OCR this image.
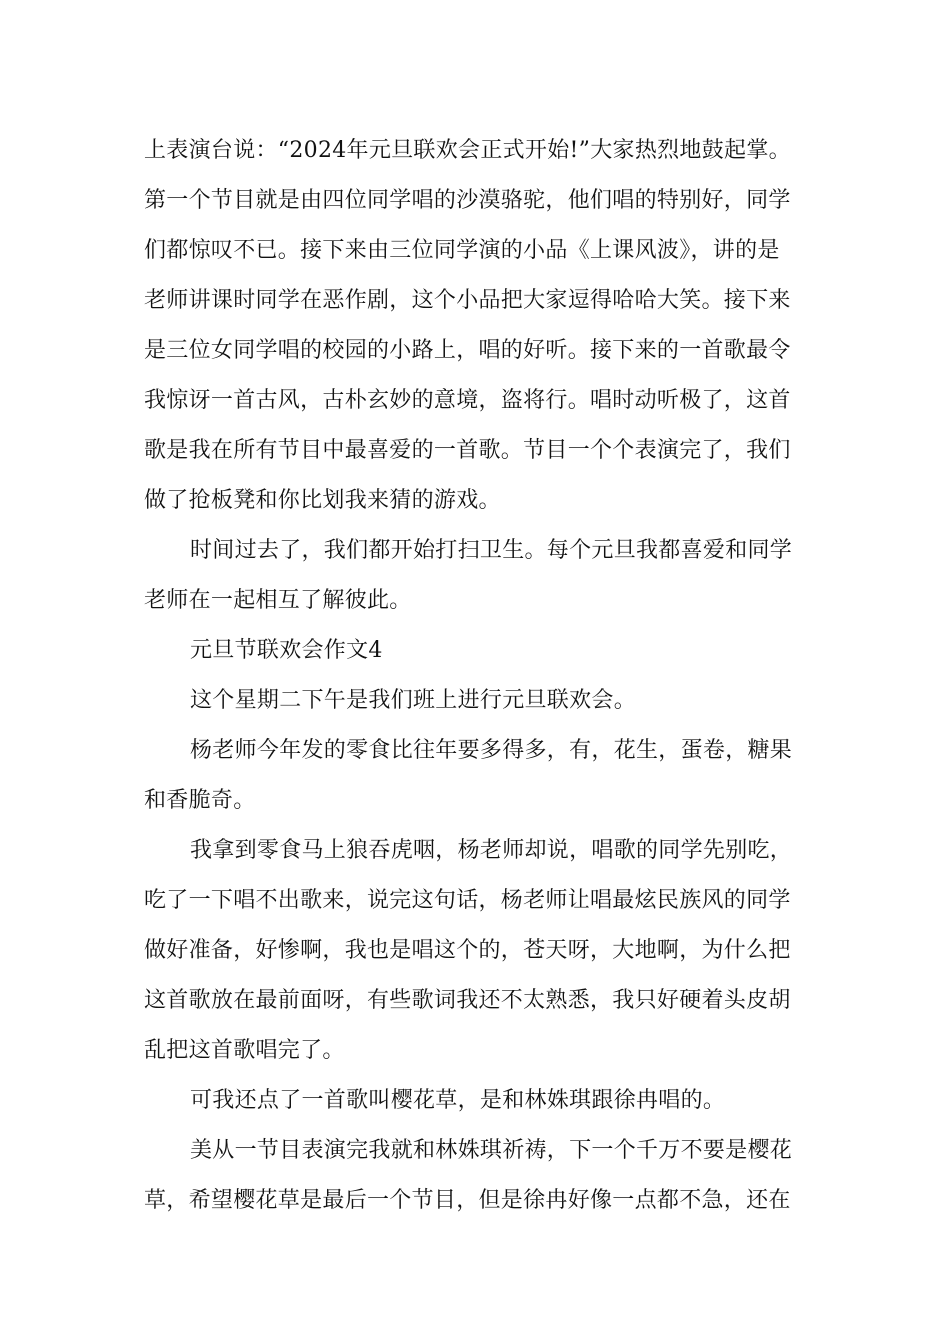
上表演台说：“2024年元旦联欢会正式开始!”大家热烈地鼓起掌。
第一个节目就是由四位同学唱的沙漠骆驼，他们唱的特别好，同学
们都惊叹不已。接下来由三位同学演的小品《上课风波》，讲的是
老师讲课时同学在恶作剧，这个小品把大家逗得哈哈大笑。接下来
是三位女同学唱的校园的小路上，唱的好听。接下来的一首歌最令
我惊讶一首古风，古朴玄妙的意境，盗将行。唱时动听极了，这首
歌是我在所有节目中最喜爱的一首歌。节目一个个表演完了，我们
做了抢板凳和你比划我来猜的游戏。
时间过去了，我们都开始打扫卫生。每个元旦我都喜爱和同学
老师在一起相互了解彼此。
元旦节联欢会作文4
这个星期二下午是我们班上进行元旦联欢会。
杨老师今年发的零食比往年要多得多，有，花生，蛋卷，糖果
和香脆奇。
我拿到零食马上狼吞虎咽，杨老师却说，唱歌的同学先别吃，
吃了一下唱不出歌来，说完这句话，杨老师让唱最炫民族风的同学
做好准备，好惨啊，我也是唱这个的，苍天呀，大地啊，为什么把
这首歌放在最前面呀，有些歌词我还不太熟悉，我只好硬着头皮胡
乱把这首歌唱完了。
可我还点了一首歌叫樱花草，是和林姝琪跟徐冉唱的。
美从一节目表演完我就和林姝琪祈祷，下一个千万不要是樱花
草，希望樱花草是最后一个节目，但是徐冉好像一点都不急，还在
